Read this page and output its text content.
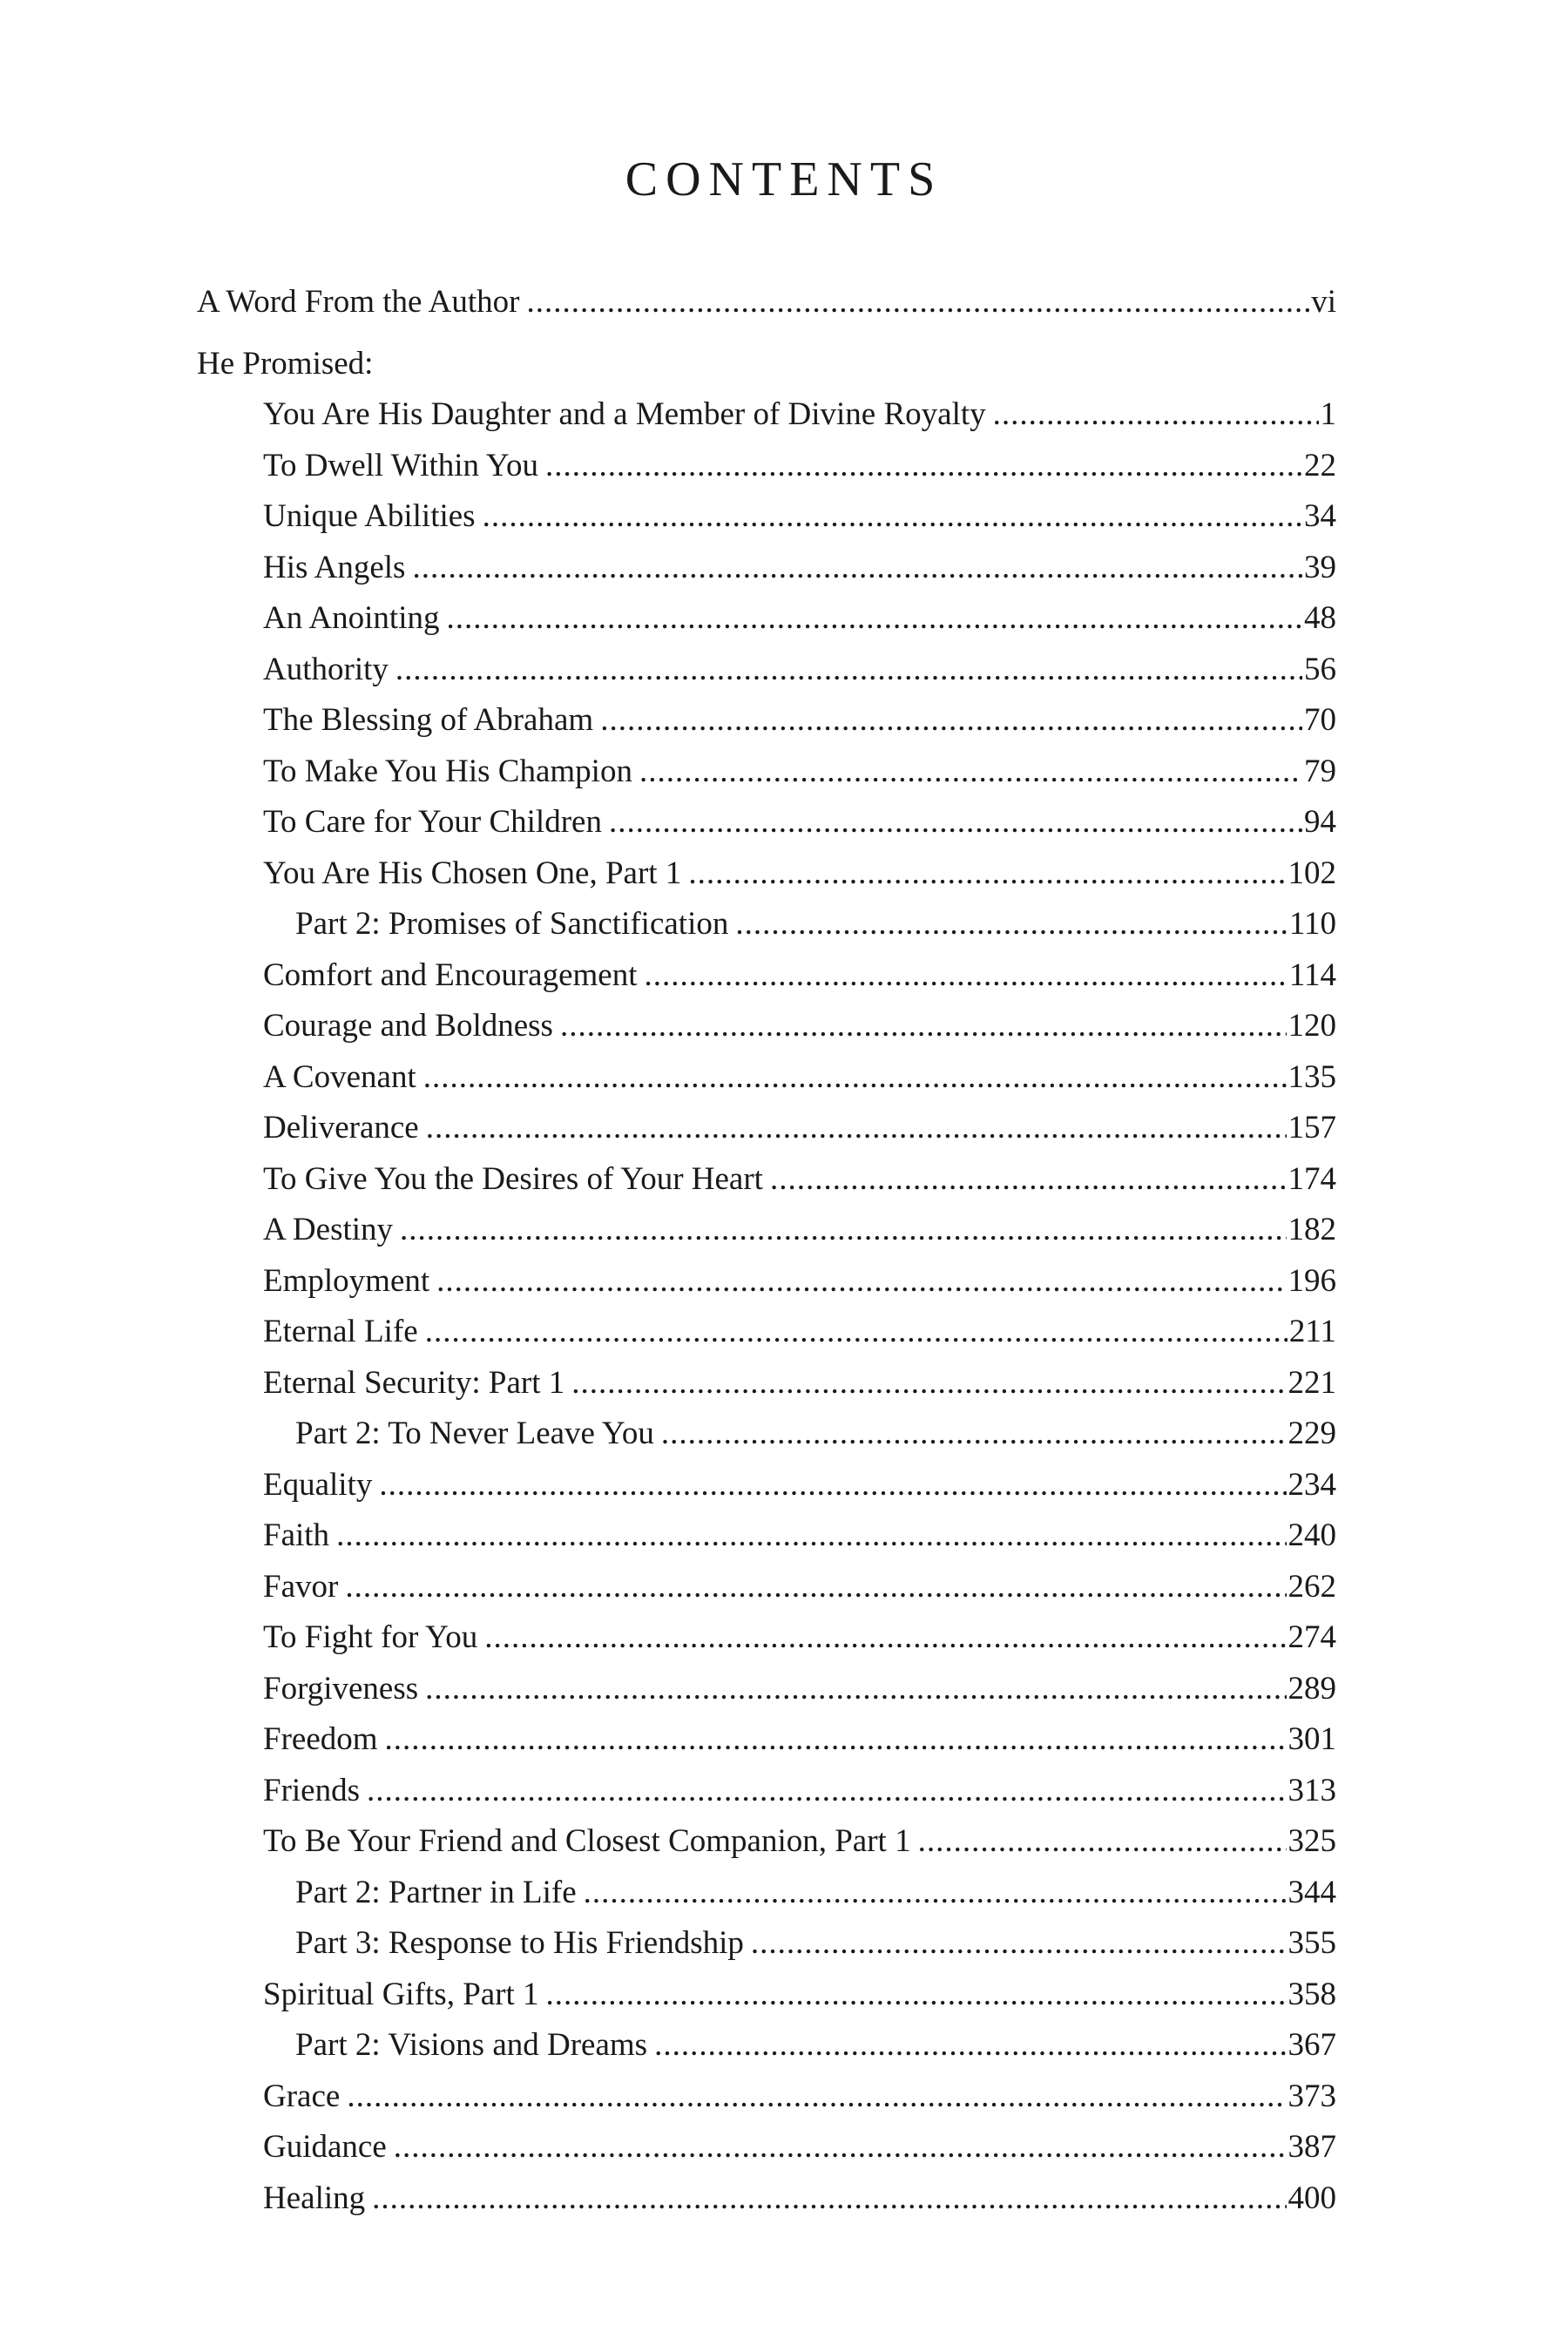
CONTENTS
A Word From the Author .....	vi
He Promised:
You Are His Daughter and a Member of Divine Royalty .....	1
To Dwell Within You .....	22
Unique Abilities .....	34
His Angels .....	39
An Anointing .....	48
Authority .....	56
The Blessing of Abraham .....	70
To Make You His Champion .....	79
To Care for Your Children .....	94
You Are His Chosen One, Part 1 .....	102
Part 2: Promises of Sanctification .....	110
Comfort and Encouragement .....	114
Courage and Boldness .....	120
A Covenant .....	135
Deliverance .....	157
To Give You the Desires of Your Heart .....	174
A Destiny .....	182
Employment .....	196
Eternal Life .....	211
Eternal Security: Part 1 .....	221
Part 2: To Never Leave You .....	229
Equality .....	234
Faith .....	240
Favor .....	262
To Fight for You .....	274
Forgiveness .....	289
Freedom .....	301
Friends .....	313
To Be Your Friend and Closest Companion, Part 1 .....	325
Part 2: Partner in Life .....	344
Part 3: Response to His Friendship .....	355
Spiritual Gifts, Part 1 .....	358
Part 2: Visions and Dreams .....	367
Grace .....	373
Guidance .....	387
Healing .....	400
